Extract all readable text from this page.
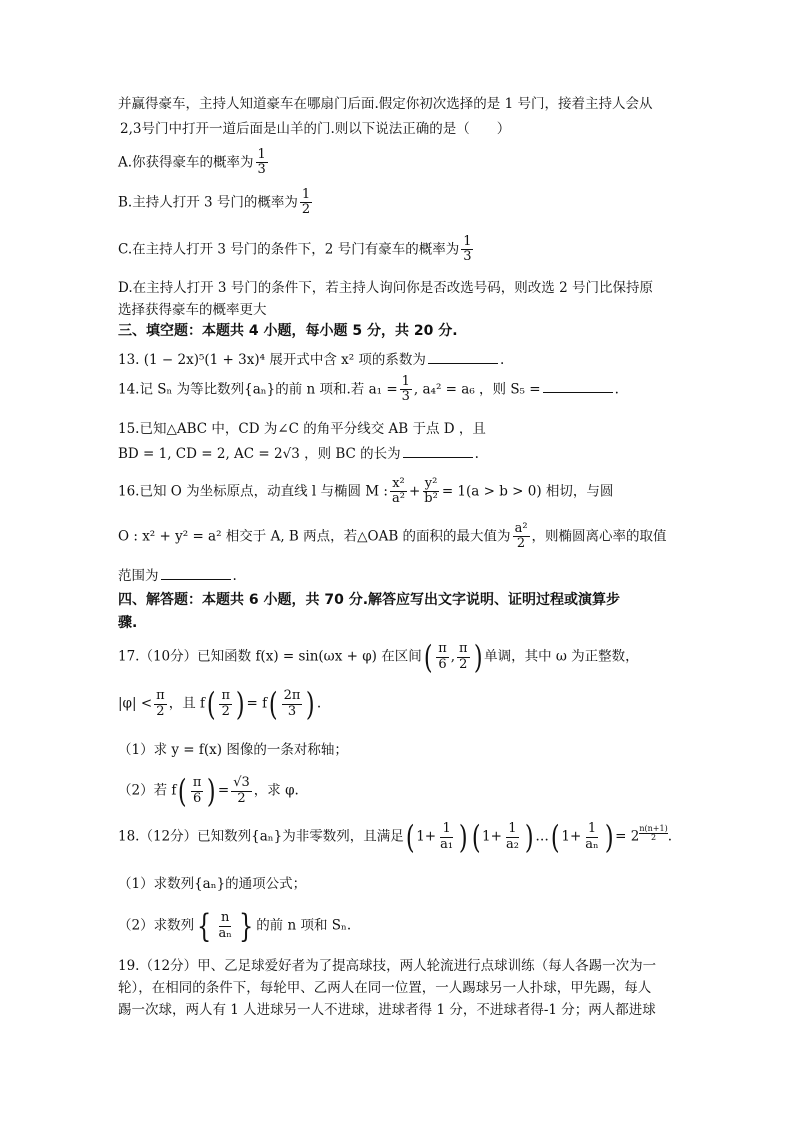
并赢得豪车，主持人知道豪车在哪扇门后面.假定你初次选择的是 1 号门，接着主持人会从
2,3号门中打开一道后面是山羊的门.则以下说法正确的是（　　）
A.你获得豪车的概率为 $\frac{1}{3}$
B.主持人打开 3 号门的概率为 $\frac{1}{2}$
C.在主持人打开 3 号门的条件下，2 号门有豪车的概率为 $\frac{1}{3}$
D.在主持人打开 3 号门的条件下，若主持人询问你是否改选号码，则改选 2 号门比保持原
选择获得豪车的概率更大
三、填空题：本题共 4 小题，每小题 5 分，共 20 分.
13. (1 − 2x)⁵(1 + 3x)⁴ 展开式中含 x² 项的系数为	.
14.记 Sₙ 为等比数列{aₙ}的前 n 项和.若 $a_1 = \frac{1}{3}$ , a₄² = a₆ ，则 S₅ =	.
15.已知△ABC 中，CD 为∠C 的角平分线交 AB 于点 D ，且
BD = 1, CD = 2, AC = 2√3 ，则 BC 的长为	.
16.已知 O 为坐标原点，动直线 l 与椭圆 M : $\frac{\text{x²}}{\text{a²}} + \frac{\text{y²}}{\text{b²}} = 1(a > b > 0)$ 相切，与圆
O : x² + y² = a² 相交于 A, B 两点，若△OAB 的面积的最大值为 $\frac{\text{a²}}{2}$ ，则椭圆离心率的取值
范围为	.
四、解答题：本题共 6 小题，共 70 分.解答应写出文字说明、证明过程或演算步
骤.
17.（10分）已知函数 f(x) = sin(ωx + φ) 在区间( $\frac{\pi}{6}$ , $\frac{\pi}{2}$ ) 单调，其中 ω 为正整数，
$|\varphi| < \frac{\pi}{2}$ ，且 $f( \frac{\pi}{2}$ ) = $f( \frac{2\pi}{3}$ ) .
（1）求 y = f(x) 图像的一条对称轴；
（2）若 $f( \frac{\pi}{6}$ ) = $\frac{√3}{2}$ ，求 φ.
18.（12分）已知数列{aₙ}为非零数列，且满足( $1+ \frac{1}{\text{a₁}}$ ) ( $1+ \frac{1}{\text{a₂}}$ ) …( $1+ \frac{1}{\text{aₙ}}$ ) = $2 \frac{n(n+1)}{2}$ .
（1）求数列{aₙ}的通项公式；
（2）求数列{ $\frac{n}{\text{aₙ}}$ } 的前 n 项和 Sₙ.
19.（12分）甲、乙足球爱好者为了提高球技，两人轮流进行点球训练（每人各踢一次为一
轮），在相同的条件下，每轮甲、乙两人在同一位置，一人踢球另一人扑球，甲先踢，每人
踢一次球，两人有 1 人进球另一人不进球，进球者得 1 分，不进球者得-1 分；两人都进球
